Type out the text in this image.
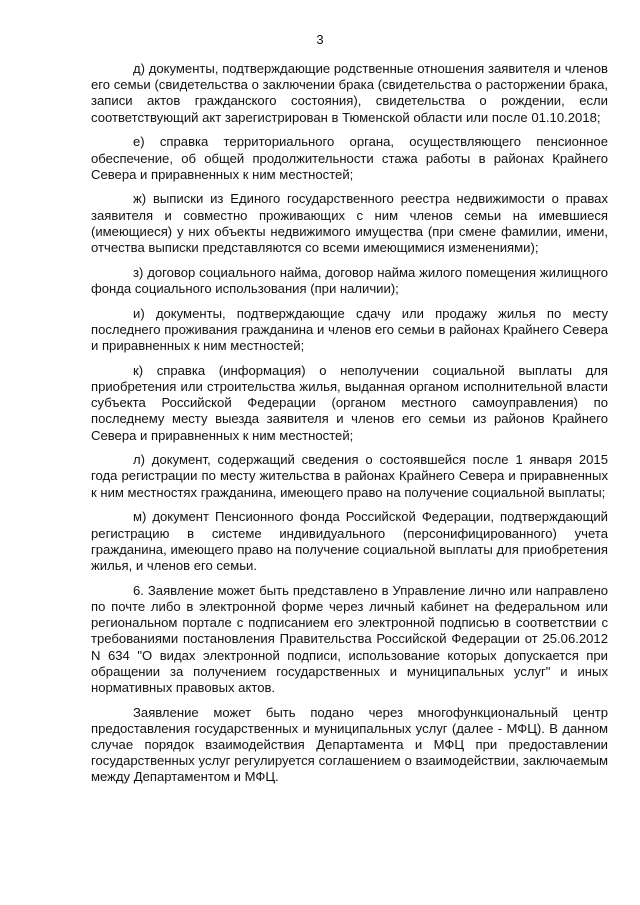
3

д) документы, подтверждающие родственные отношения заявителя и членов его семьи (свидетельства о заключении брака (свидетельства о расторжении брака, записи актов гражданского состояния), свидетельства о рождении, если соответствующий акт зарегистрирован в Тюменской области или после 01.10.2018;

е) справка территориального органа, осуществляющего пенсионное обеспечение, об общей продолжительности стажа работы в районах Крайнего Севера и приравненных к ним местностей;

ж) выписки из Единого государственного реестра недвижимости о правах заявителя и совместно проживающих с ним членов семьи на имевшиеся (имеющиеся) у них объекты недвижимого имущества (при смене фамилии, имени, отчества выписки представляются со всеми имеющимися изменениями);

з) договор социального найма, договор найма жилого помещения жилищного фонда социального использования (при наличии);

и) документы, подтверждающие сдачу или продажу жилья по месту последнего проживания гражданина и членов его семьи в районах Крайнего Севера и приравненных к ним местностей;

к) справка (информация) о неполучении социальной выплаты для приобретения или строительства жилья, выданная органом исполнительной власти субъекта Российской Федерации (органом местного самоуправления) по последнему месту выезда заявителя и членов его семьи из районов Крайнего Севера и приравненных к ним местностей;

л) документ, содержащий сведения о состоявшейся после 1 января 2015 года регистрации по месту жительства в районах Крайнего Севера и приравненных к ним местностях гражданина, имеющего право на получение социальной выплаты;

м) документ Пенсионного фонда Российской Федерации, подтверждающий регистрацию в системе индивидуального (персонифицированного) учета гражданина, имеющего право на получение социальной выплаты для приобретения жилья, и членов его семьи.

6. Заявление может быть представлено в Управление лично или направлено по почте либо в электронной форме через личный кабинет на федеральном или региональном портале с подписанием его электронной подписью в соответствии с требованиями постановления Правительства Российской Федерации от 25.06.2012 N 634 "О видах электронной подписи, использование которых допускается при обращении за получением государственных и муниципальных услуг" и иных нормативных правовых актов.

Заявление может быть подано через многофункциональный центр предоставления государственных и муниципальных услуг (далее - МФЦ). В данном случае порядок взаимодействия Департамента и МФЦ при предоставлении государственных услуг регулируется соглашением о взаимодействии, заключаемым между Департаментом и МФЦ.
